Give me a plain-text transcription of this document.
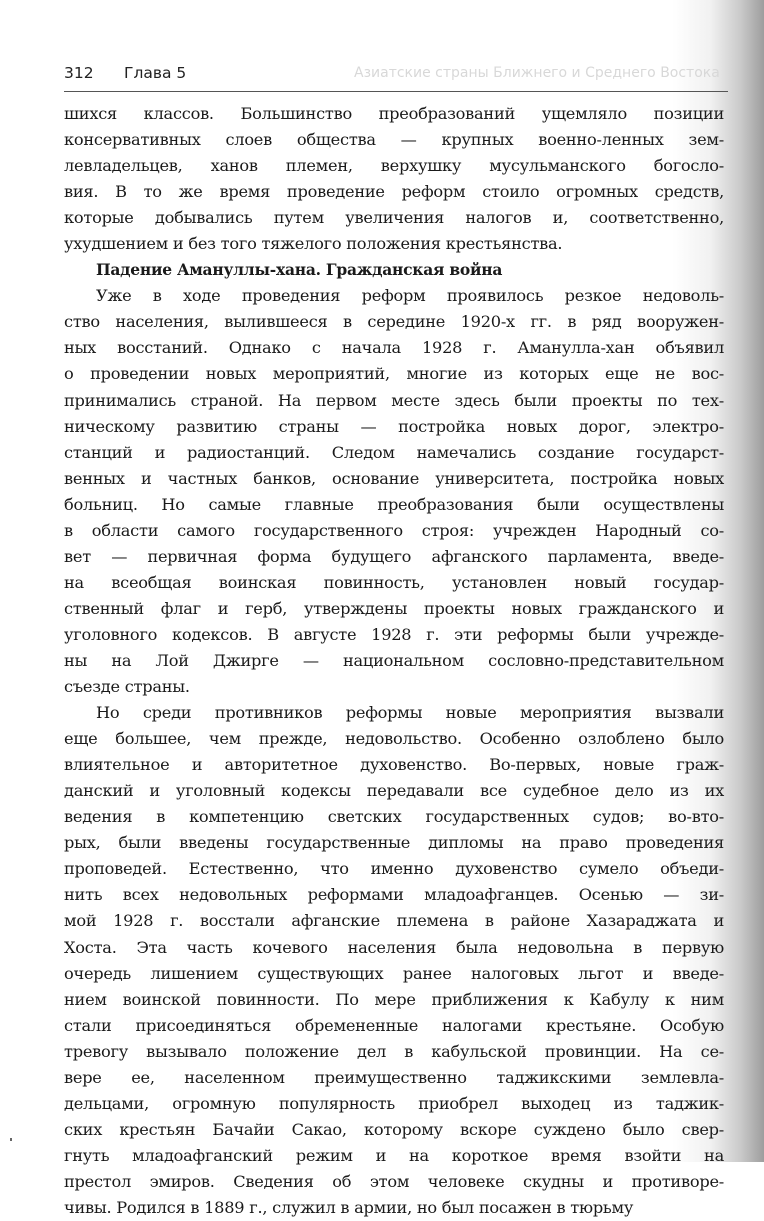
312 Глава 5	Азиатские страны Ближнего и Среднего Востока
шихся классов. Большинство преобразований ущемляло позиции
консервативных слоев общества — крупных военно-ленных зем-
левладельцев, ханов племен, верхушку мусульманского богосло-
вия. В то же время проведение реформ стоило огромных средств,
которые добывались путем увеличения налогов и, соответственно,
ухудшением и без того тяжелого положения крестьянства.
Падение Амануллы-хана. Гражданская война
Уже в ходе проведения реформ проявилось резкое недоволь-
ство населения, вылившееся в середине 1920-х гг. в ряд вооружен-
ных восстаний. Однако с начала 1928 г. Аманулла-хан объявил
о проведении новых мероприятий, многие из которых еще не вос-
принимались страной. На первом месте здесь были проекты по тех-
ническому развитию страны — постройка новых дорог, электро-
станций и радиостанций. Следом намечались создание государст-
венных и частных банков, основание университета, постройка новых
больниц. Но самые главные преобразования были осуществлены
в области самого государственного строя: учрежден Народный со-
вет — первичная форма будущего афганского парламента, введе-
на всеобщая воинская повинность, установлен новый государ-
ственный флаг и герб, утверждены проекты новых гражданского и
уголовного кодексов. В августе 1928 г. эти реформы были учрежде-
ны на Лой Джирге — национальном сословно-представительном
съезде страны.
Но среди противников реформы новые мероприятия вызвали
еще большее, чем прежде, недовольство. Особенно озлоблено было
влиятельное и авторитетное духовенство. Во-первых, новые граж-
данский и уголовный кодексы передавали все судебное дело из их
ведения в компетенцию светских государственных судов; во-вто-
рых, были введены государственные дипломы на право проведения
проповедей. Естественно, что именно духовенство сумело объеди-
нить всех недовольных реформами младоафганцев. Осенью — зи-
мой 1928 г. восстали афганские племена в районе Хазараджата и
Хоста. Эта часть кочевого населения была недовольна в первую
очередь лишением существующих ранее налоговых льгот и введе-
нием воинской повинности. По мере приближения к Кабулу к ним
стали присоединяться обремененные налогами крестьяне. Особую
тревогу вызывало положение дел в кабульской провинции. На се-
вере ее, населенном преимущественно таджикскими землевла-
дельцами, огромную популярность приобрел выходец из таджик-
ских крестьян Бачайи Сакао, которому вскоре суждено было свер-
гнуть младоафганский режим и на короткое время взойти на
престол эмиров. Сведения об этом человеке скудны и противоре-
чивы. Родился в 1889 г., служил в армии, но был посажен в тюрьму
